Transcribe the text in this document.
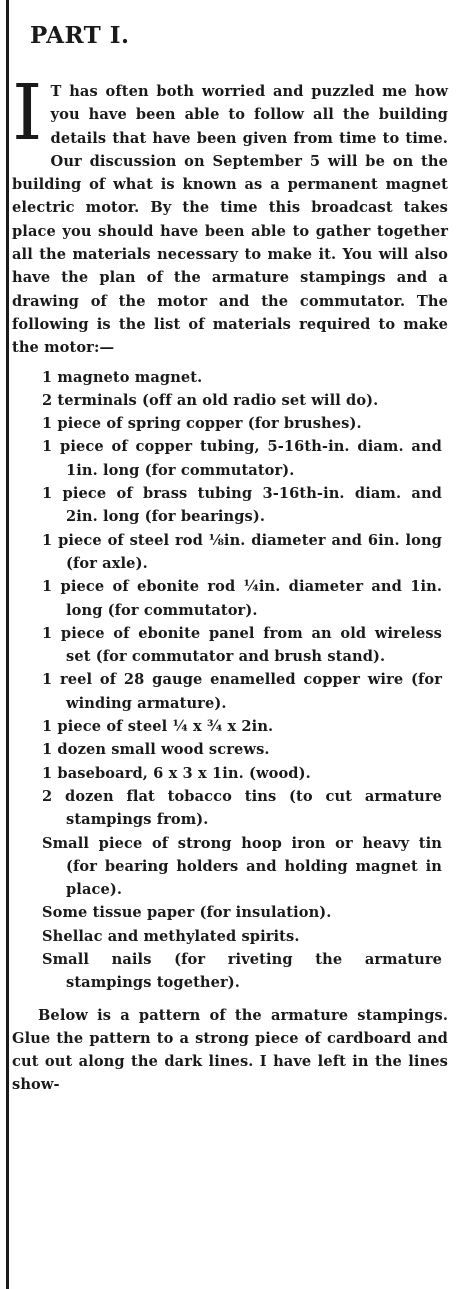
PART I.

I T has often both worried and puzzled me how you have been able to follow all the building details that have been given from time to time. Our discussion on September 5 will be on the building of what is known as a permanent magnet electric motor. By the time this broadcast takes place you should have been able to gather together all the materials necessary to make it. You will also have the plan of the armature stampings and a drawing of the motor and the commutator. The following is the list of materials required to make the motor:—

1 magneto magnet.
2 terminals (off an old radio set will do).
1 piece of spring copper (for brushes).
1 piece of copper tubing, 5-16th-in. diam. and 1in. long (for commutator).
1 piece of brass tubing 3-16th-in. diam. and 2in. long (for bearings).
1 piece of steel rod ⅛in. diameter and 6in. long (for axle).
1 piece of ebonite rod ¼in. diameter and 1in. long (for commutator).
1 piece of ebonite panel from an old wireless set (for commutator and brush stand).
1 reel of 28 gauge enamelled copper wire (for winding armature).
1 piece of steel ¼ x ¾ x 2in.
1 dozen small wood screws.
1 baseboard, 6 x 3 x 1in. (wood).
2 dozen flat tobacco tins (to cut armature stampings from).
Small piece of strong hoop iron or heavy tin (for bearing holders and holding magnet in place).
Some tissue paper (for insulation).
Shellac and methylated spirits.
Small nails (for riveting the armature stampings together).

Below is a pattern of the armature stampings. Glue the pattern to a strong piece of cardboard and cut out along the dark lines. I have left in the lines show-
